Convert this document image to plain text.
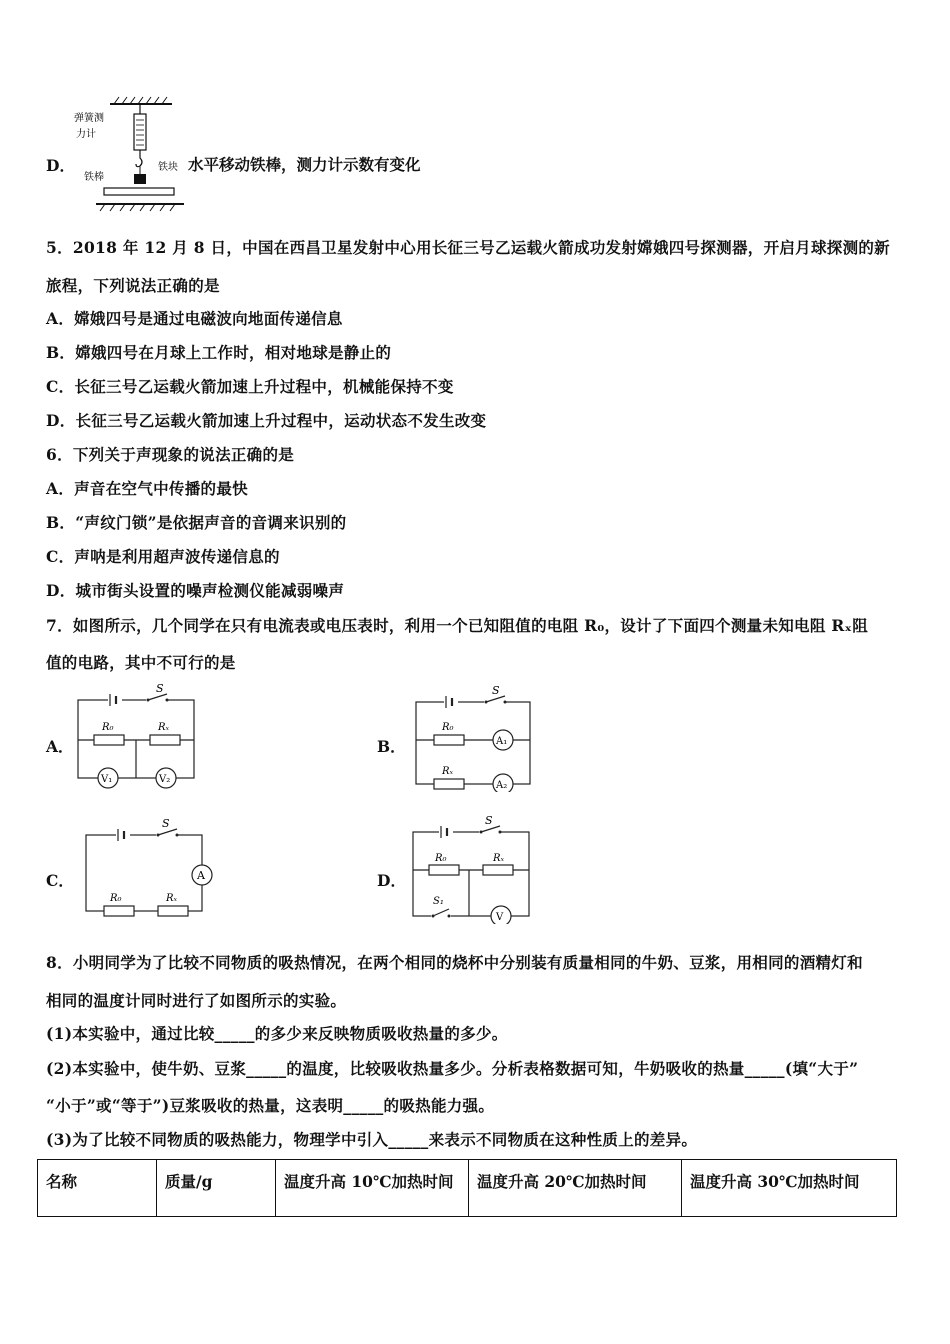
弹簧测
力计
铁块
铁棒
D．	水平移动铁棒，测力计示数有变化
5．2018 年 12 月 8 日，中国在西昌卫星发射中心用长征三号乙运载火箭成功发射嫦娥四号探测器，开启月球探测的新
旅程，下列说法正确的是
A．嫦娥四号是通过电磁波向地面传递信息
B．嫦娥四号在月球上工作时，相对地球是静止的
C．长征三号乙运载火箭加速上升过程中，机械能保持不变
D．长征三号乙运载火箭加速上升过程中，运动状态不发生改变
6．下列关于声现象的说法正确的是
A．声音在空气中传播的最快
B．“声纹门锁”是依据声音的音调来识别的
C．声呐是利用超声波传递信息的
D．城市街头设置的噪声检测仪能减弱噪声
7．如图所示，几个同学在只有电流表或电压表时，利用一个已知阻值的电阻 R₀，设计了下面四个测量未知电阻 Rₓ阻
值的电路，其中不可行的是
A．
S
R₀	Rₓ
V₁	V₂
B．
S
R₀
Rₓ
A₁
A₂
C．
S
A
R₀	Rₓ
D．
S
R₀	Rₓ
S₁
V
8．小明同学为了比较不同物质的吸热情况，在两个相同的烧杯中分别装有质量相同的牛奶、豆浆，用相同的酒精灯和
相同的温度计同时进行了如图所示的实验。
(1)本实验中，通过比较_____的多少来反映物质吸收热量的多少。
(2)本实验中，使牛奶、豆浆_____的温度，比较吸收热量多少。分析表格数据可知，牛奶吸收的热量_____(填“大于”
“小于”或“等于”)豆浆吸收的热量，这表明_____的吸热能力强。
(3)为了比较不同物质的吸热能力，物理学中引入_____来表示不同物质在这种性质上的差异。
名称	质量/g	温度升高 10℃加热时间	温度升高 20℃加热时间	温度升高 30℃加热时间
